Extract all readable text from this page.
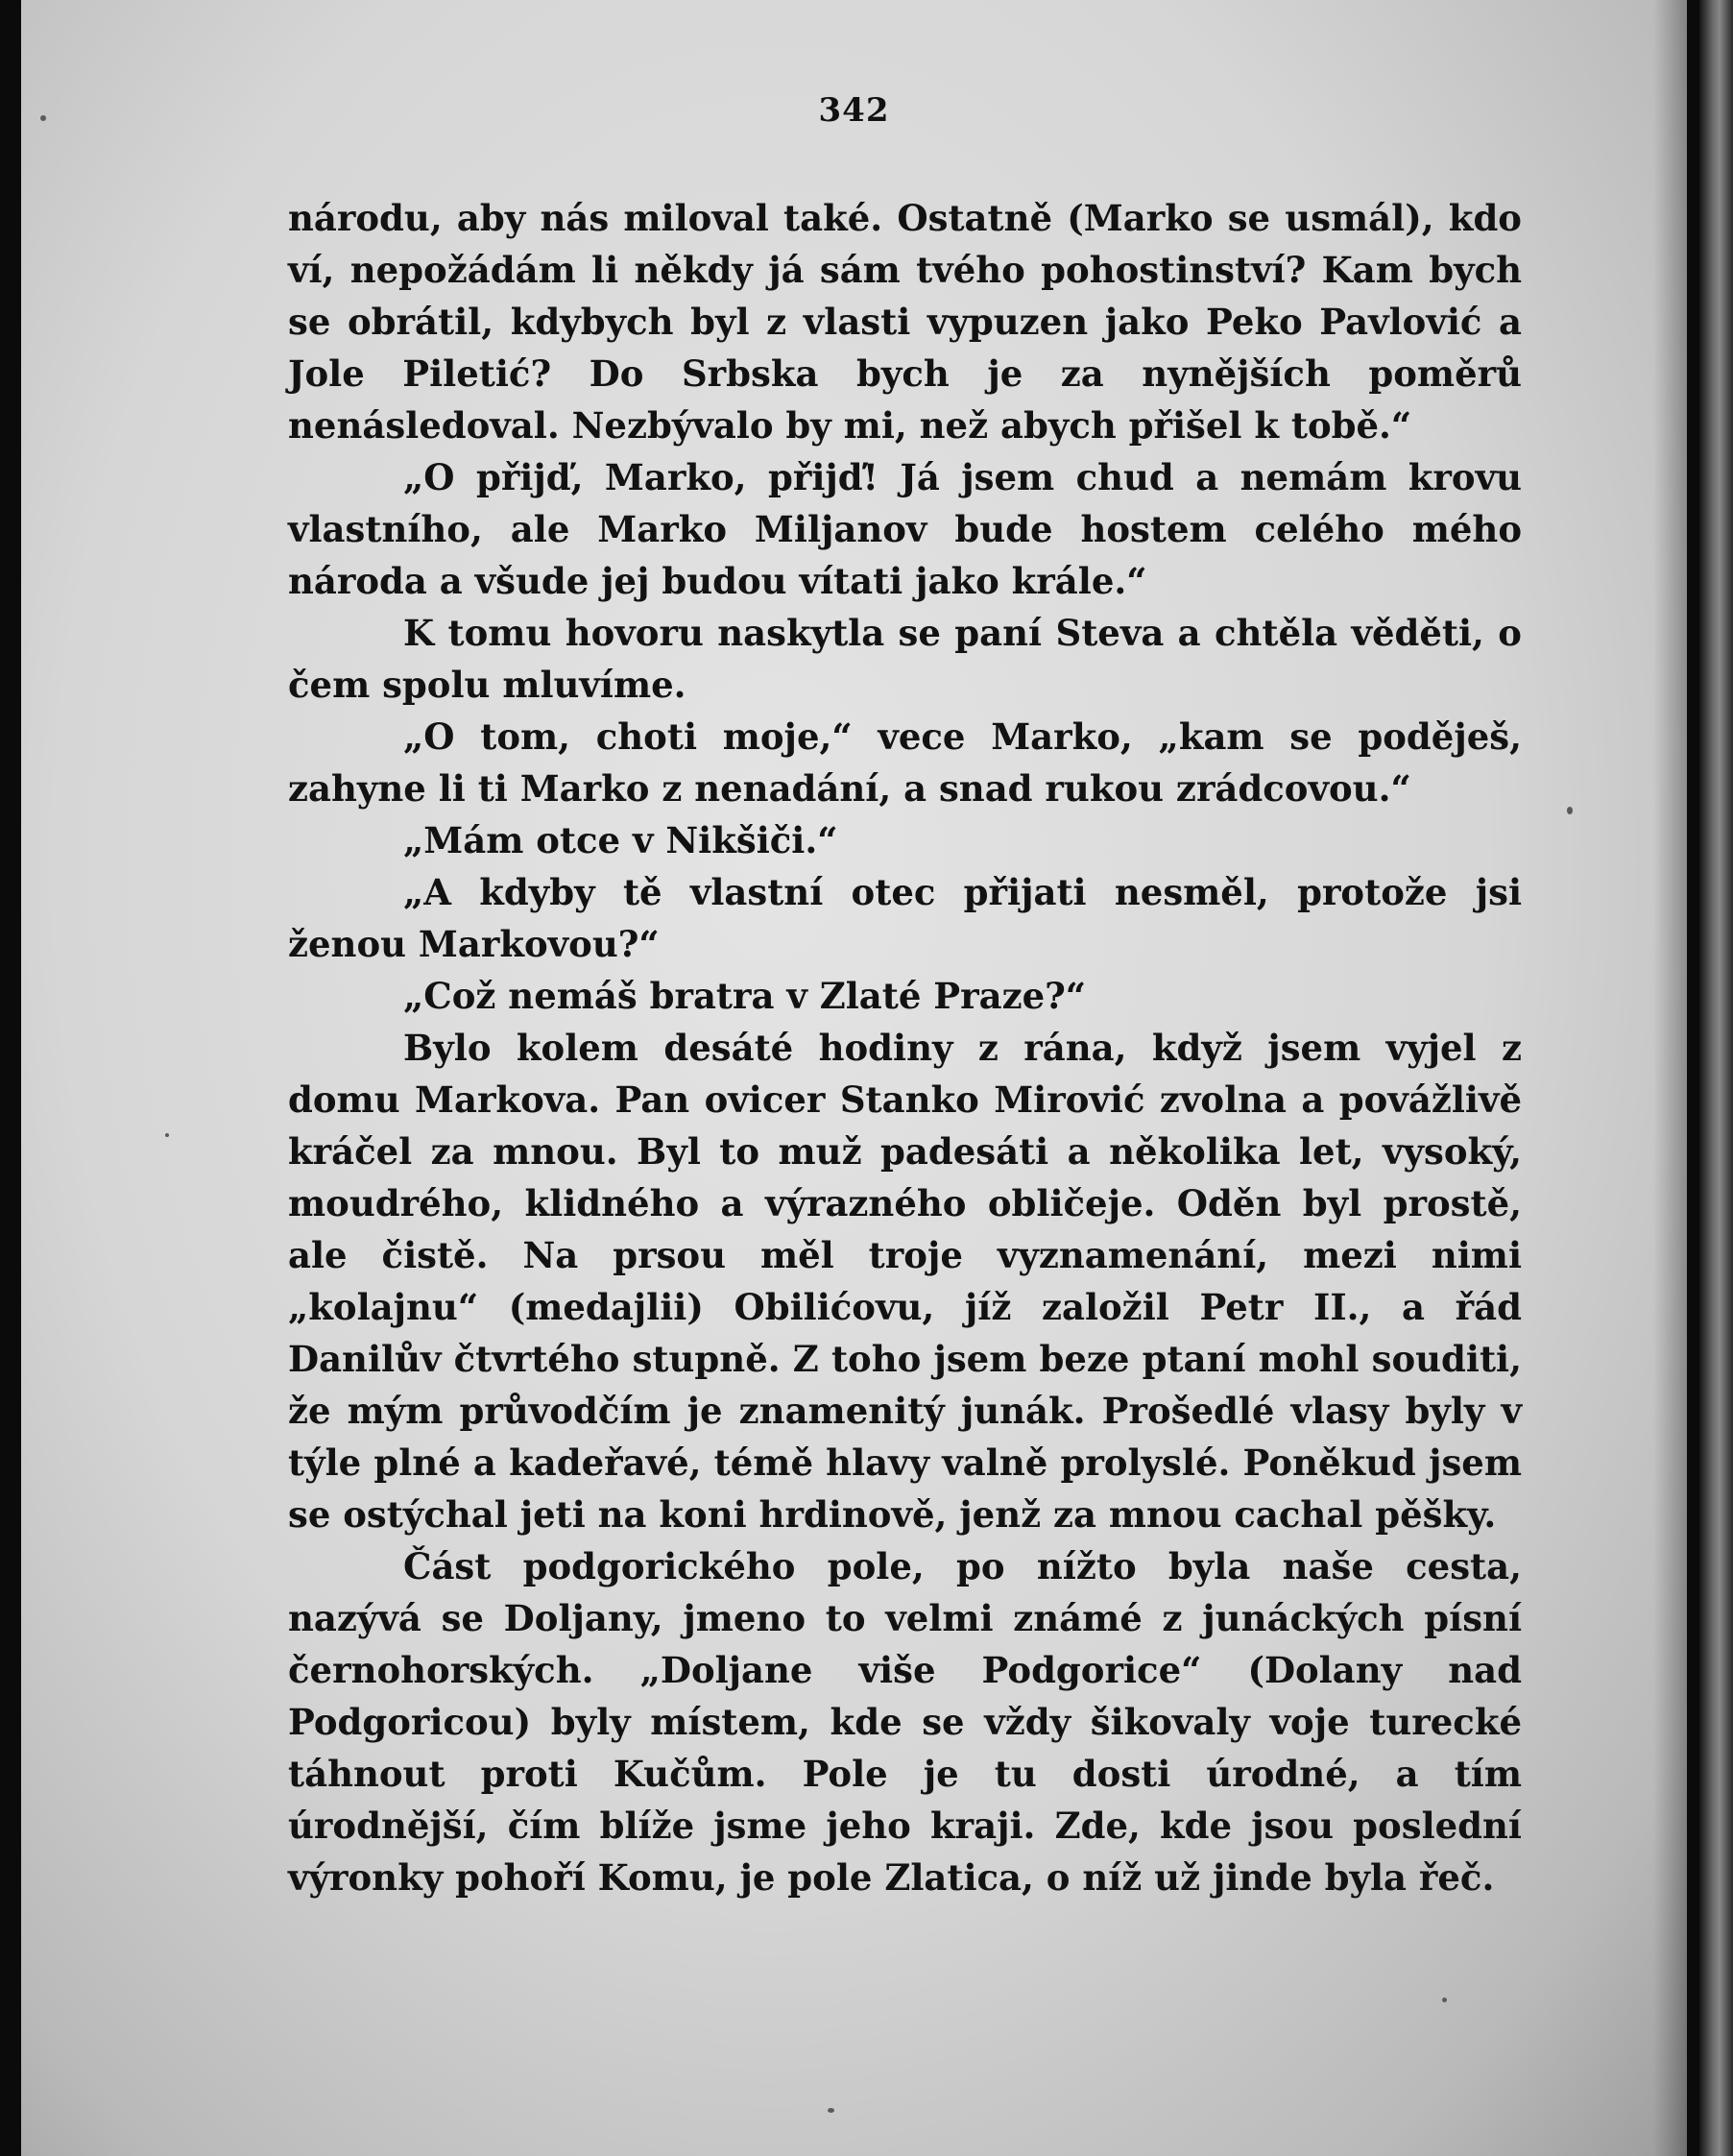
342

národu, aby nás miloval také. Ostatně (Marko se usmál), kdo ví, nepožádám li někdy já sám tvého pohostinství? Kam bych se obrátil, kdybych byl z vlasti vypuzen jako Peko Pavlović a Jole Piletić? Do Srbska bych je za nynějších poměrů nenásledoval. Nezbývalo by mi, než abych přišel k tobě.“

„O přijď, Marko, přijď! Já jsem chud a nemám krovu vlastního, ale Marko Miljanov bude hostem celého mého národa a všude jej budou vítati jako krále.“

K tomu hovoru naskytla se paní Steva a chtěla věděti, o čem spolu mluvíme.

„O tom, choti moje,“ vece Marko, „kam se poděješ, zahyne li ti Marko z nenadání, a snad rukou zrádcovou.“

„Mám otce v Nikšiči.“

„A kdyby tě vlastní otec přijati nesměl, protože jsi ženou Markovou?“

„Což nemáš bratra v Zlaté Praze?“

Bylo kolem desáté hodiny z rána, když jsem vyjel z domu Markova. Pan ovicer Stanko Mirović zvolna a povážlivě kráčel za mnou. Byl to muž padesáti a několika let, vysoký, moudrého, klidného a výrazného obličeje. Oděn byl prostě, ale čistě. Na prsou měl troje vyznamenání, mezi nimi „kolajnu“ (medajlii) Obilićovu, jíž založil Petr II., a řád Danilův čtvrtého stupně. Z toho jsem beze ptaní mohl souditi, že mým průvodčím je znamenitý junák. Prošedlé vlasy byly v týle plné a kadeřavé, témě hlavy valně prolyslé. Poněkud jsem se ostýchal jeti na koni hrdinově, jenž za mnou cachal pěšky.

Část podgorického pole, po nížto byla naše cesta, nazývá se Doljany, jmeno to velmi známé z junáckých písní černohorských. „Doljane više Podgorice“ (Dolany nad Podgoricou) byly místem, kde se vždy šikovaly voje turecké táhnout proti Kučům. Pole je tu dosti úrodné, a tím úrodnější, čím blíže jsme jeho kraji. Zde, kde jsou poslední výronky pohoří Komu, je pole Zlatica, o níž už jinde byla řeč.
